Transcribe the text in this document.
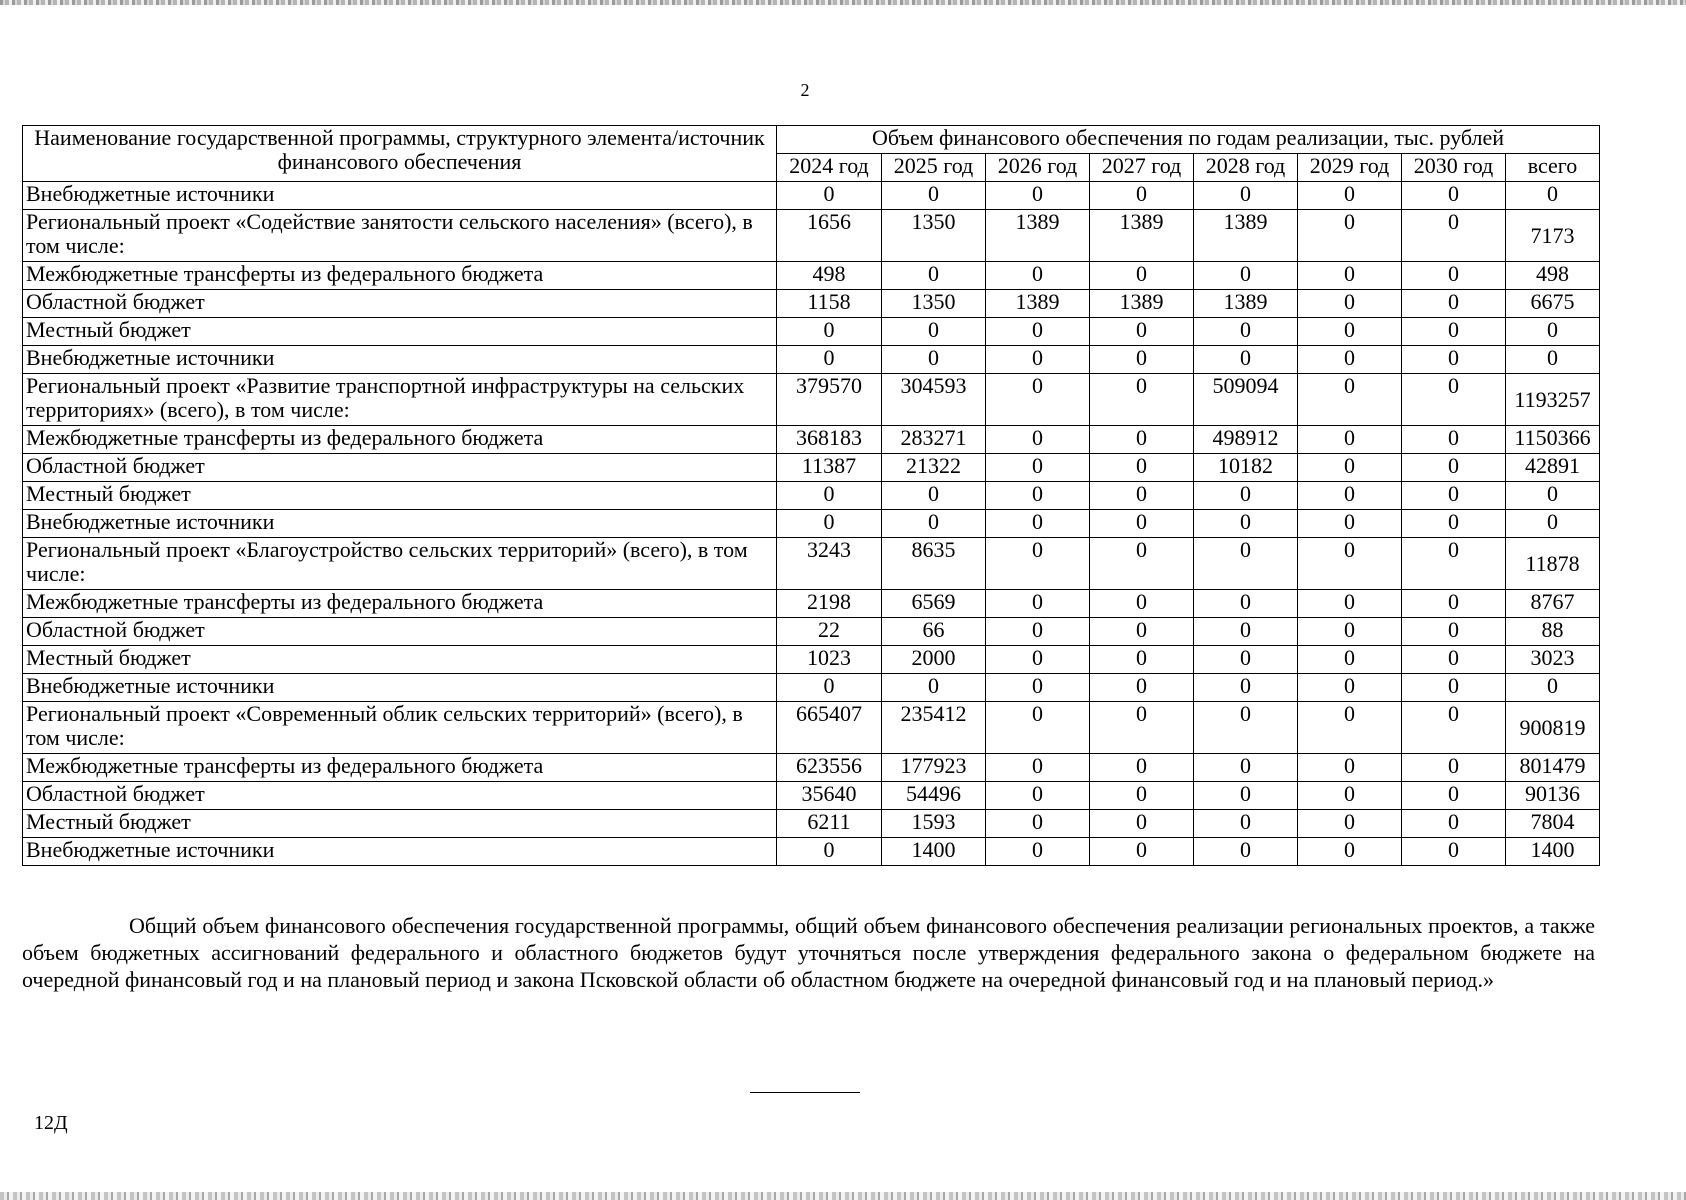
2
Наименование государственной программы, структурного элемента/источник финансового обеспечения	Объем финансового обеспечения по годам реализации, тыс. рублей							
	2024 год	2025 год	2026 год	2027 год	2028 год	2029 год	2030 год	всего
Внебюджетные источники	0	0	0	0	0	0	0	0
Региональный проект «Содействие занятости сельского населения» (всего), в том числе:	1656	1350	1389	1389	1389	0	0	7173
Межбюджетные трансферты из федерального бюджета	498	0	0	0	0	0	0	498
Областной бюджет	1158	1350	1389	1389	1389	0	0	6675
Местный бюджет	0	0	0	0	0	0	0	0
Внебюджетные источники	0	0	0	0	0	0	0	0
Региональный проект «Развитие транспортной инфраструктуры на сельских территориях» (всего), в том числе:	379570	304593	0	0	509094	0	0	1193257
Межбюджетные трансферты из федерального бюджета	368183	283271	0	0	498912	0	0	1150366
Областной бюджет	11387	21322	0	0	10182	0	0	42891
Местный бюджет	0	0	0	0	0	0	0	0
Внебюджетные источники	0	0	0	0	0	0	0	0
Региональный проект «Благоустройство сельских территорий» (всего), в том числе:	3243	8635	0	0	0	0	0	11878
Межбюджетные трансферты из федерального бюджета	2198	6569	0	0	0	0	0	8767
Областной бюджет	22	66	0	0	0	0	0	88
Местный бюджет	1023	2000	0	0	0	0	0	3023
Внебюджетные источники	0	0	0	0	0	0	0	0
Региональный проект «Современный облик сельских территорий» (всего), в том числе:	665407	235412	0	0	0	0	0	900819
Межбюджетные трансферты из федерального бюджета	623556	177923	0	0	0	0	0	801479
Областной бюджет	35640	54496	0	0	0	0	0	90136
Местный бюджет	6211	1593	0	0	0	0	0	7804
Внебюджетные источники	0	1400	0	0	0	0	0	1400
Общий объем финансового обеспечения государственной программы, общий объем финансового обеспечения реализации региональных проектов, а также объем бюджетных ассигнований федерального и областного бюджетов будут уточняться после утверждения федерального закона о федеральном бюджете на очередной финансовый год и на плановый период и закона Псковской области об областном бюджете на очередной финансовый год и на плановый период.»
12Д
